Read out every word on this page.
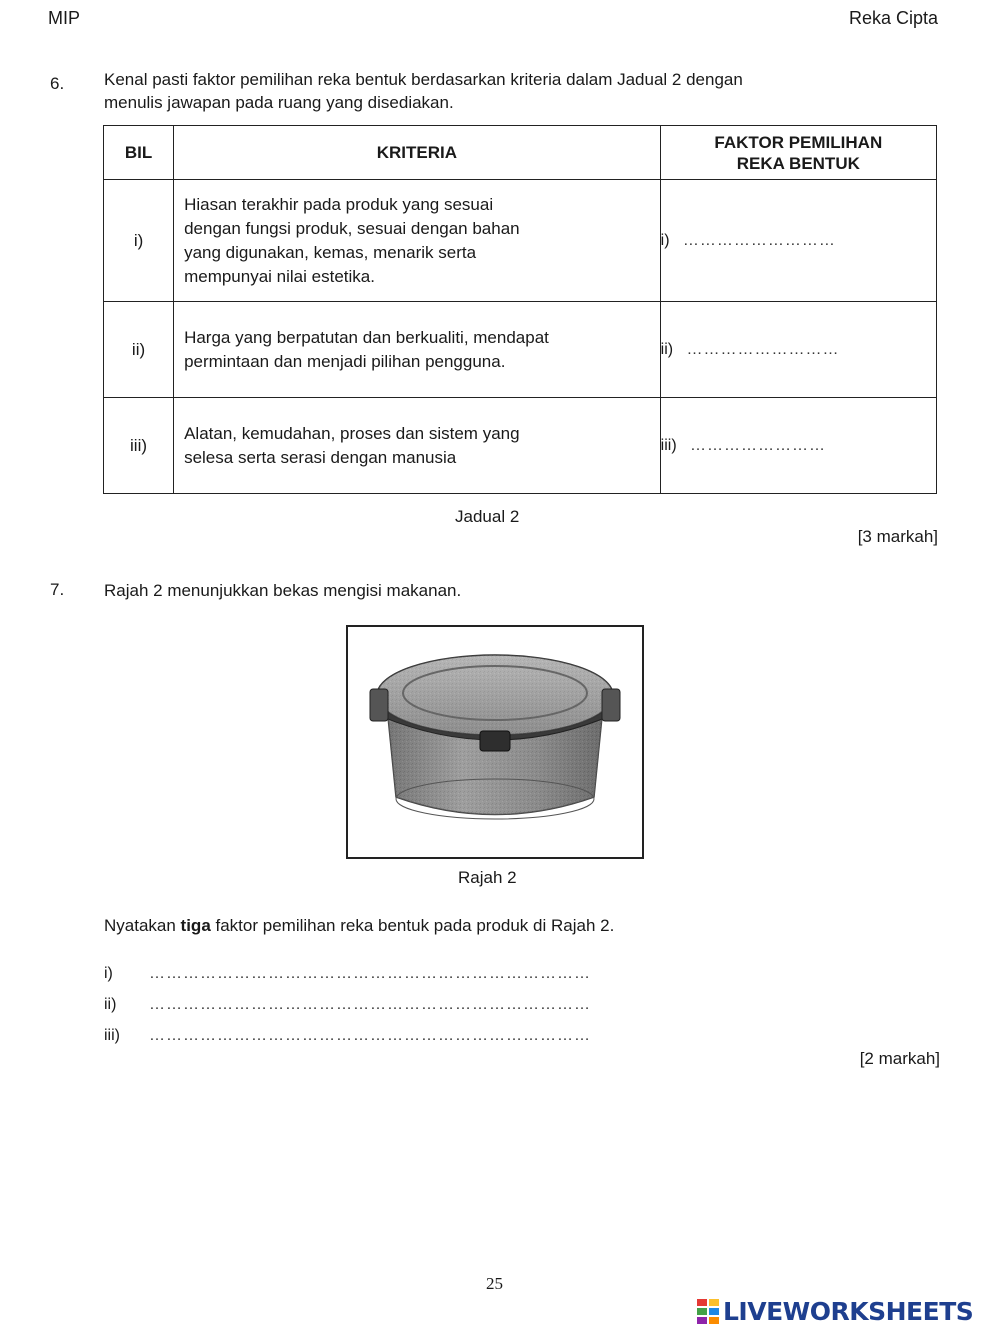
MIP	Reka Cipta
6. Kenal pasti faktor pemilihan reka bentuk berdasarkan kriteria dalam Jadual 2 dengan
menulis jawapan pada ruang yang disediakan.
BIL	KRITERIA	FAKTOR PEMILIHAN
REKA BENTUK

i)	Hiasan terakhir pada produk yang sesuai
dengan fungsi produk, sesuai dengan bahan
yang digunakan, kemas, menarik serta
mempunyai nilai estetika.	i) ………………………
ii)	Harga yang berpatutan dan berkualiti, mendapat
permintaan dan menjadi pilihan pengguna.	ii) ………………………
iii)	Alatan, kemudahan, proses dan sistem yang
selesa serta serasi dengan manusia	iii) ……………………
Jadual 2
[3 markah]
7. Rajah 2 menunjukkan bekas mengisi makanan.
Rajah 2
Nyatakan tiga faktor pemilihan reka bentuk pada produk di Rajah 2.
i) ……………………………………………………………………
ii) ……………………………………………………………………
iii) ……………………………………………………………………
[2 markah]
25
LIVEWORKSHEETS
